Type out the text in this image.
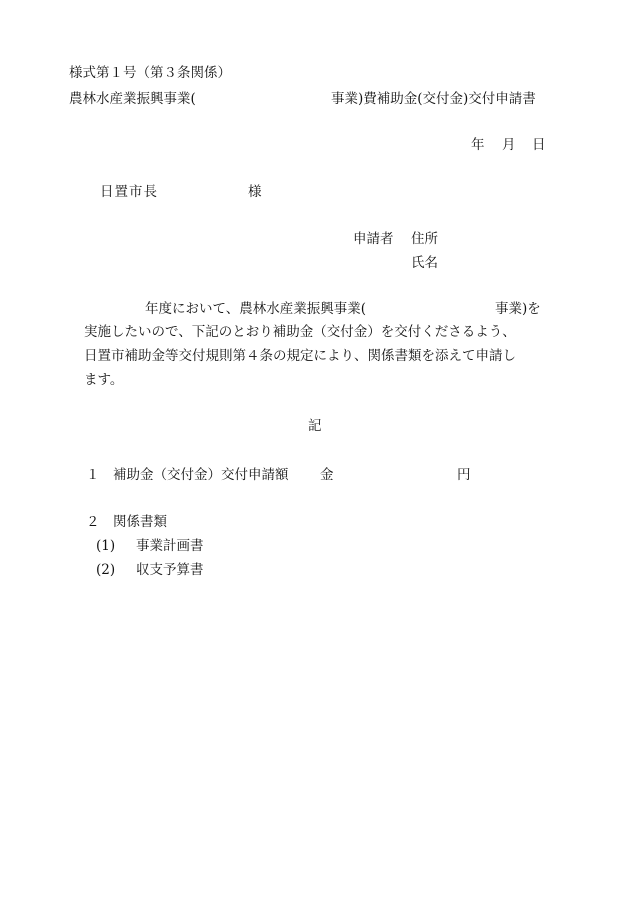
様式第１号（第３条関係）
農林水産業振興事業(	事業)費補助金(交付金)交付申請書
年 月 日
日置市長	様
申請者 住所
氏名
年度において、農林水産業振興事業(	事業)を
実施したいので、下記のとおり補助金（交付金）を交付くださるよう、
日置市補助金等交付規則第４条の規定により、関係書類を添えて申請し
ます。
記
１ 補助金（交付金）交付申請額 金	円
２ 関係書類
(1) 事業計画書
(2) 収支予算書
